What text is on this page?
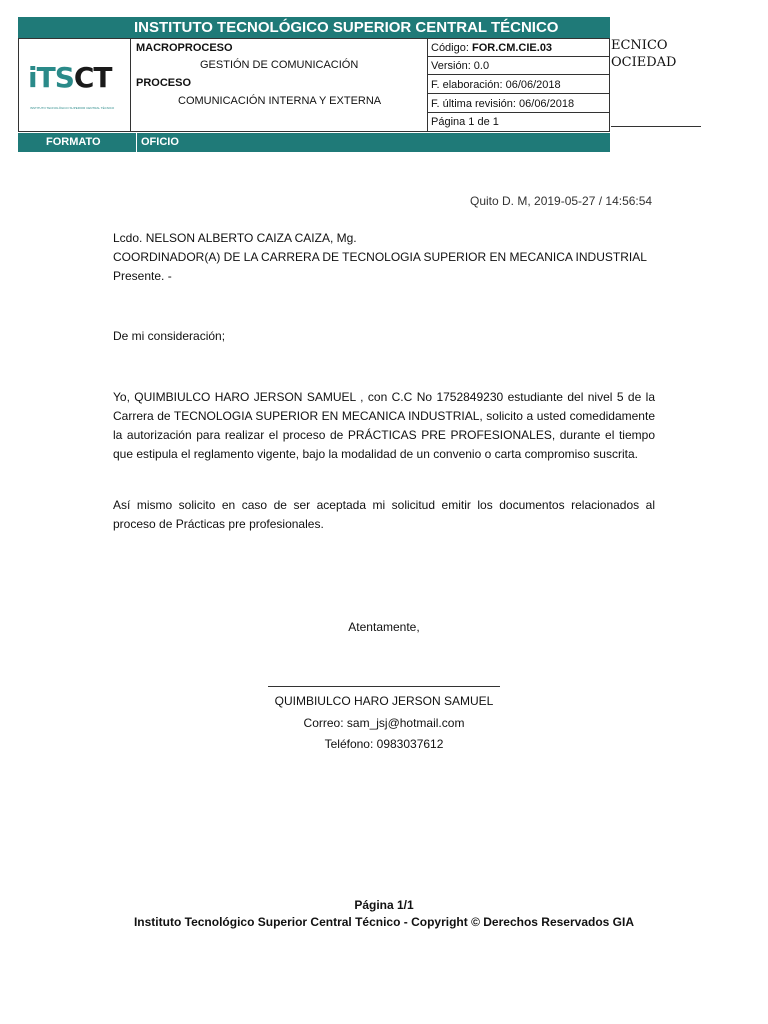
INSTITUTO TECNOLÓGICO SUPERIOR CENTRAL TÉCNICO
iTSCT
INSTITUTO TECNOLÓGICO SUPERIOR CENTRAL TÉCNICO
MACROPROCESO
GESTIÓN DE COMUNICACIÓN
PROCESO
COMUNICACIÓN INTERNA Y EXTERNA
Código: FOR.CM.CIE.03
Versión: 0.0
F. elaboración: 06/06/2018
F. última revisión: 06/06/2018
Página 1 de 1
FORMATO	OFICIO
ECNICO
OCIEDAD
Quito D. M, 2019-05-27 / 14:56:54
Lcdo. NELSON ALBERTO CAIZA CAIZA, Mg.
COORDINADOR(A) DE LA CARRERA DE TECNOLOGIA SUPERIOR EN MECANICA INDUSTRIAL
Presente. -
De mi consideración;
Yo, QUIMBIULCO HARO JERSON SAMUEL , con C.C No 1752849230 estudiante del nivel 5 de la Carrera de TECNOLOGIA SUPERIOR EN MECANICA INDUSTRIAL, solicito a usted comedidamente la autorización para realizar el proceso de PRÁCTICAS PRE PROFESIONALES, durante el tiempo que estipula el reglamento vigente, bajo la modalidad de un convenio o carta compromiso suscrita.
Así mismo solicito en caso de ser aceptada mi solicitud emitir los documentos relacionados al proceso de Prácticas pre profesionales.
Atentamente,
QUIMBIULCO HARO JERSON SAMUEL
Correo: sam_jsj@hotmail.com
Teléfono: 0983037612
Página 1/1
Instituto Tecnológico Superior Central Técnico - Copyright © Derechos Reservados GIA
